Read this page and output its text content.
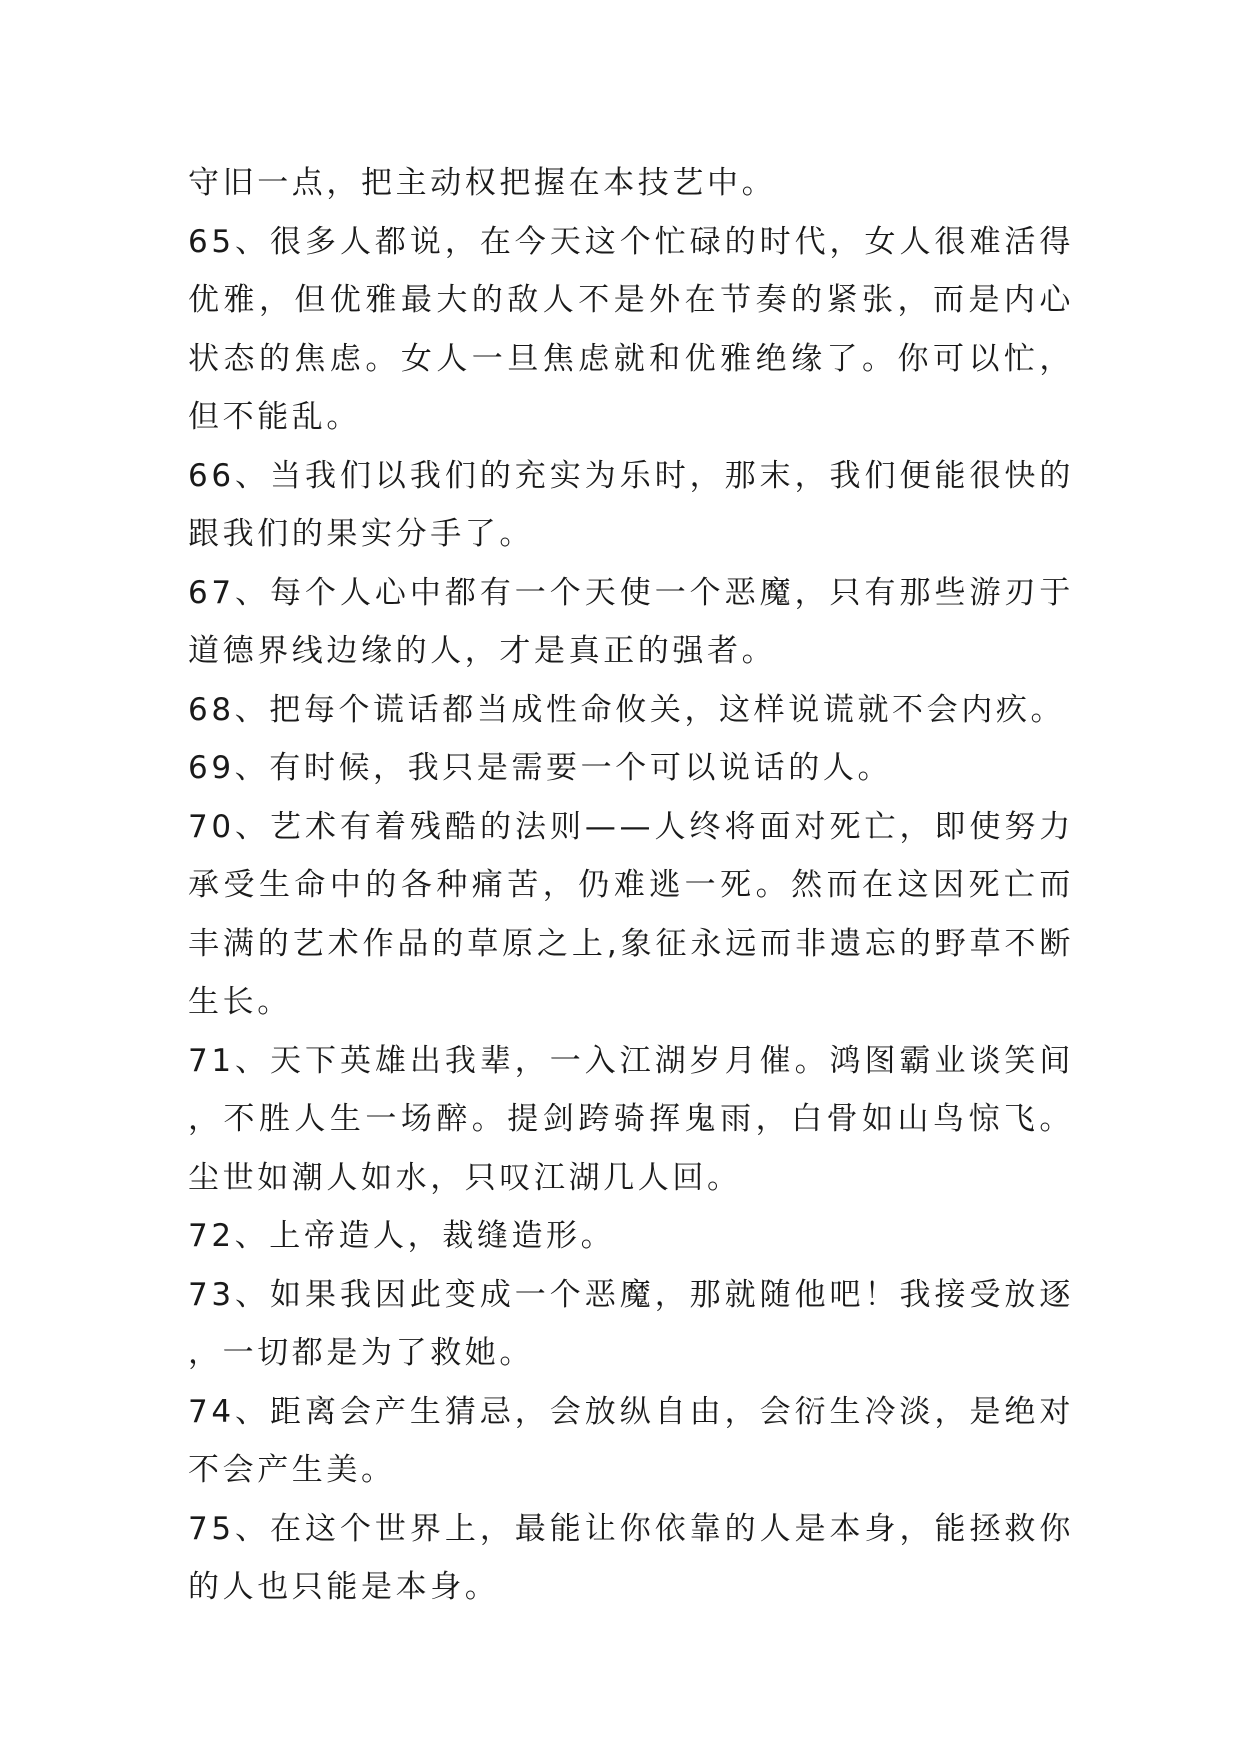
守旧一点，把主动权把握在本技艺中。

65、很多人都说，在今天这个忙碌的时代，女人很难活得优雅，但优雅最大的敌人不是外在节奏的紧张，而是内心状态的焦虑。女人一旦焦虑就和优雅绝缘了。你可以忙，但不能乱。

66、当我们以我们的充实为乐时，那末，我们便能很快的跟我们的果实分手了。

67、每个人心中都有一个天使一个恶魔，只有那些游刃于道德界线边缘的人，才是真正的强者。

68、把每个谎话都当成性命攸关，这样说谎就不会内疚。

69、有时候，我只是需要一个可以说话的人。

70、艺术有着残酷的法则——人终将面对死亡，即使努力承受生命中的各种痛苦，仍难逃一死。然而在这因死亡而丰满的艺术作品的草原之上,象征永远而非遗忘的野草不断生长。

71、天下英雄出我辈，一入江湖岁月催。鸿图霸业谈笑间，不胜人生一场醉。提剑跨骑挥鬼雨，白骨如山鸟惊飞。尘世如潮人如水，只叹江湖几人回。

72、上帝造人，裁缝造形。

73、如果我因此变成一个恶魔，那就随他吧！我接受放逐，一切都是为了救她。

74、距离会产生猜忌，会放纵自由，会衍生冷淡，是绝对不会产生美。

75、在这个世界上，最能让你依靠的人是本身，能拯救你的人也只能是本身。
